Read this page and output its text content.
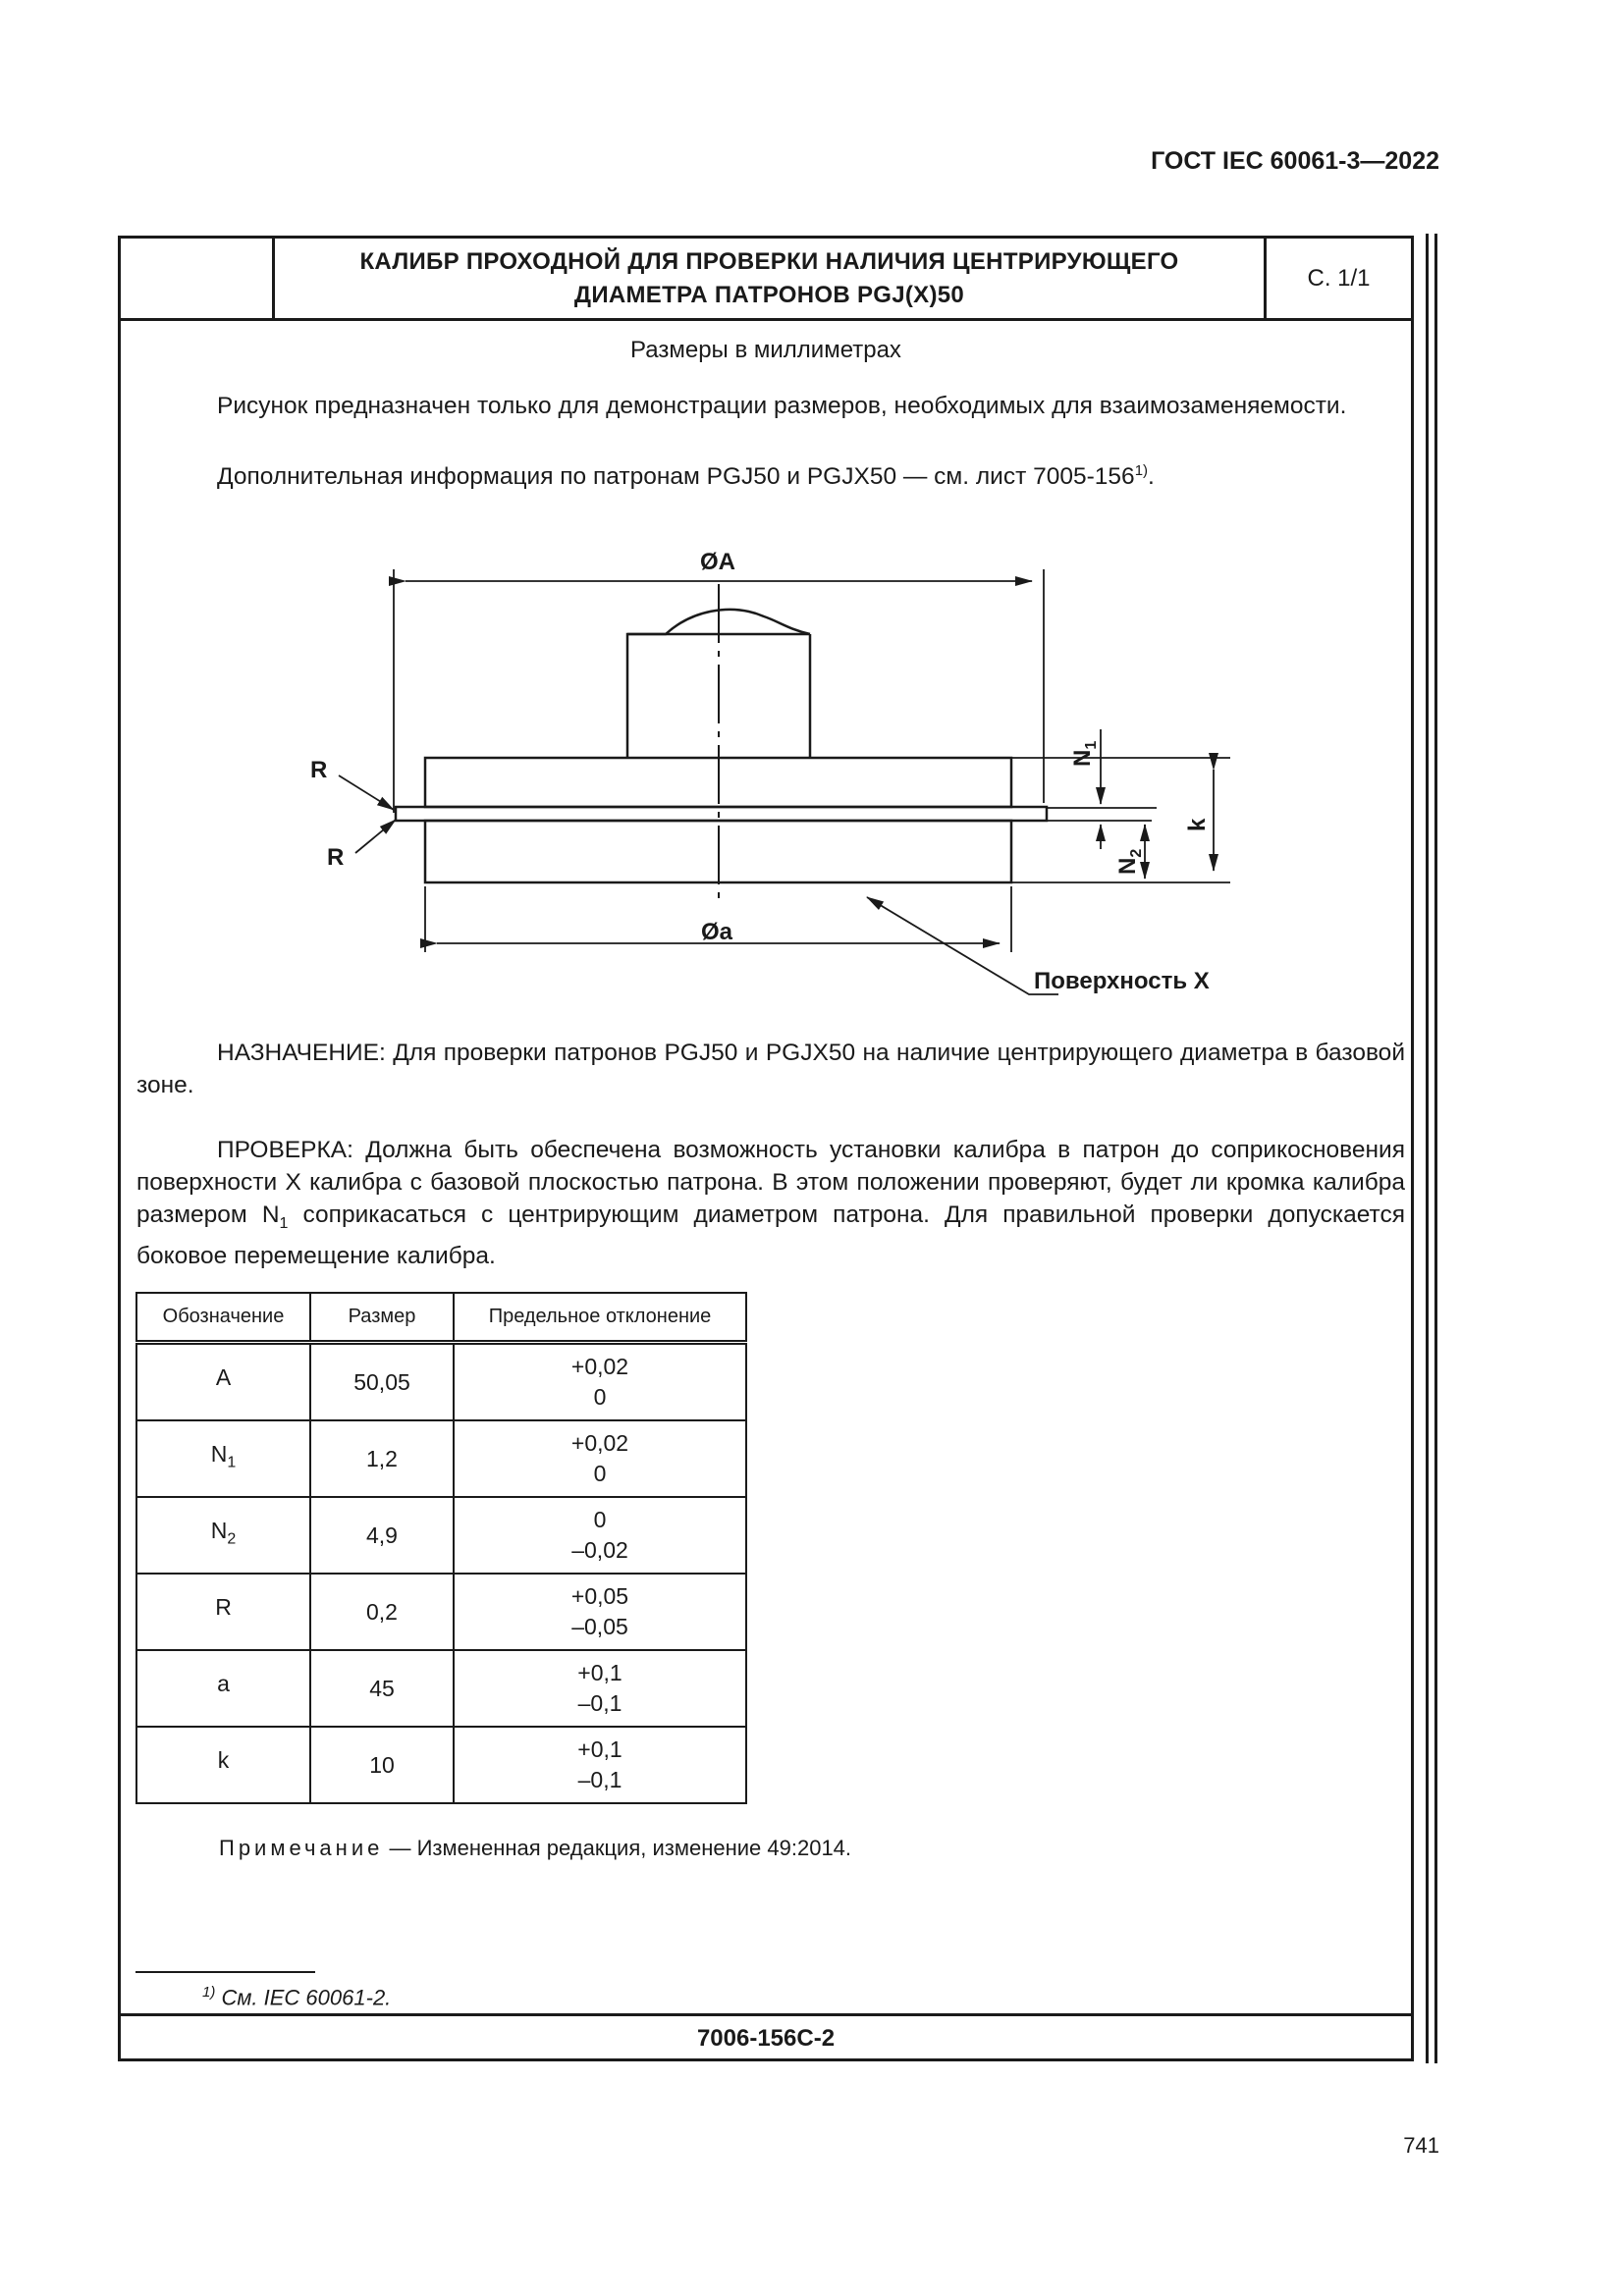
ГОСТ IEC 60061-3—2022
КАЛИБР ПРОХОДНОЙ ДЛЯ ПРОВЕРКИ НАЛИЧИЯ ЦЕНТРИРУЮЩЕГО
ДИАМЕТРА ПАТРОНОВ PGJ(X)50
С. 1/1
Размеры в миллиметрах
Рисунок предназначен только для демонстрации размеров, необходимых для взаимозаменяемости.
Дополнительная информация по патронам PGJ50 и PGJX50 — см. лист 7005-156$^{1)}$.
ØA
Øa
R
R
$N_1$
$N_2$
k
Поверхность X
НАЗНАЧЕНИЕ: Для проверки патронов PGJ50 и PGJX50 на наличие центрирующего диаметра в базовой зоне.
ПРОВЕРКА: Должна быть обеспечена возможность установки калибра в патрон до соприкосновения поверхности X калибра с базовой плоскостью патрона. В этом положении проверяют, будет ли кромка калибра размером $N_1$ соприкасаться с центрирующим диаметром патрона. Для правильной проверки допускается боковое перемещение калибра.
Обозначение	Размер	Предельное отклонение
A	50,05	+0,02
0

$N_1$	1,2	+0,02
0

$N_2$	4,9	0
–0,02

R	0,2	+0,05
–0,05

a	45	+0,1
–0,1

k	10	+0,1
–0,1
Примечание — Измененная редакция, изменение 49:2014.
$^{1)}$ См. IEC 60061-2.
7006-156C-2
741
